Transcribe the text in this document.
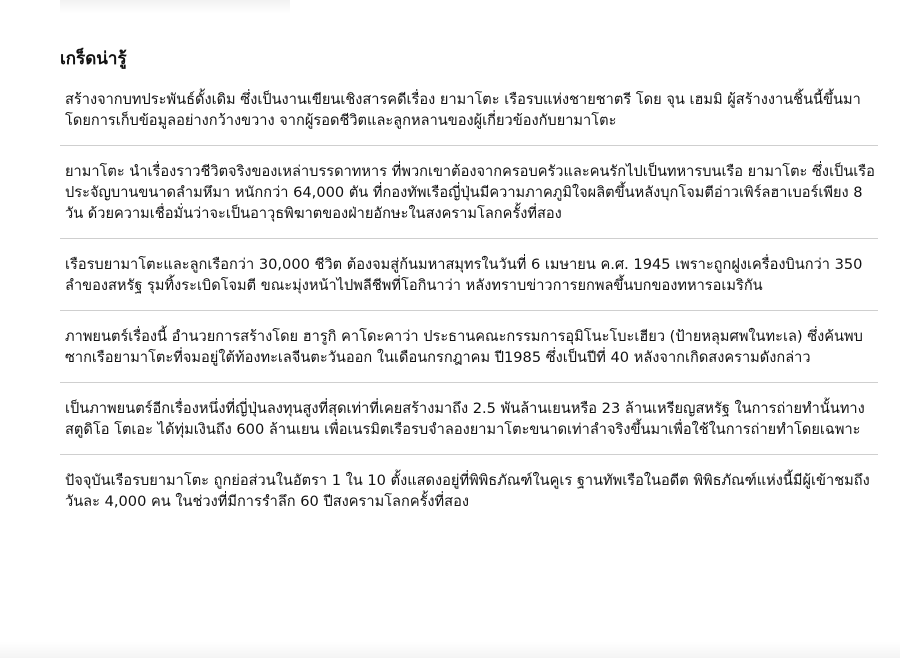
เกร็ดน่ารู้

สร้างจากบทประพันธ์ดั้งเดิม ซึ่งเป็นงานเขียนเชิงสารคดีเรื่อง ยามาโตะ เรือรบแห่งชายชาตรี โดย จุน เฮมมิ ผู้สร้างงานชิ้นนี้ขึ้นมาโดยการเก็บข้อมูลอย่างกว้างขวาง จากผู้รอดชีวิตและลูกหลานของผู้เกี่ยวข้องกับยามาโตะ

ยามาโตะ นำเรื่องราวชีวิตจริงของเหล่าบรรดาทหาร ที่พวกเขาต้องจากครอบครัวและคนรักไปเป็นทหารบนเรือ ยามาโตะ ซึ่งเป็นเรือประจัญบานขนาดลำมหึมา หนักกว่า 64,000 ตัน ที่กองทัพเรือญี่ปุ่นมีความภาคภูมิใจผลิตขึ้นหลังบุกโจมตีอ่าวเพิร์ลฮาเบอร์เพียง 8 วัน ด้วยความเชื่อมั่นว่าจะเป็นอาวุธพิฆาตของฝ่ายอักษะในสงครามโลกครั้งที่สอง

เรือรบยามาโตะและลูกเรือกว่า 30,000 ชีวิต ต้องจมสู่ก้นมหาสมุทรในวันที่ 6 เมษายน ค.ศ. 1945 เพราะถูกฝูงเครื่องบินกว่า 350 ลำของสหรัฐ รุมทิ้งระเบิดโจมตี ขณะมุ่งหน้าไปพลีชีพที่โอกินาว่า หลังทราบข่าวการยกพลขึ้นบกของทหารอเมริกัน

ภาพยนตร์เรื่องนี้ อำนวยการสร้างโดย ฮารูกิ คาโดะคาว่า ประธานคณะกรรมการอุมิโนะโบะเฮียว (ป้ายหลุมศพในทะเล) ซึ่งค้นพบซากเรือยามาโตะที่จมอยู่ใต้ท้องทะเลจีนตะวันออก ในเดือนกรกฎาคม ปี1985 ซึ่งเป็นปีที่ 40 หลังจากเกิดสงครามดังกล่าว

เป็นภาพยนตร์อีกเรื่องหนึ่งที่ญี่ปุ่นลงทุนสูงที่สุดเท่าที่เคยสร้างมาถึง 2.5 พันล้านเยนหรือ 23 ล้านเหรียญสหรัฐ ในการถ่ายทำนั้นทางสตูดิโอ โตเอะ ได้ทุ่มเงินถึง 600 ล้านเยน เพื่อเนรมิตเรือรบจำลองยามาโตะขนาดเท่าลำจริงขึ้นมาเพื่อใช้ในการถ่ายทำโดยเฉพาะ

ปัจจุบันเรือรบยามาโตะ ถูกย่อส่วนในอัตรา 1 ใน 10 ตั้งแสดงอยู่ที่พิพิธภัณฑ์ในคูเร ฐานทัพเรือในอดีต พิพิธภัณฑ์แห่งนี้มีผู้เข้าชมถึงวันละ 4,000 คน ในช่วงที่มีการรำลึก 60 ปีสงครามโลกครั้งที่สอง
